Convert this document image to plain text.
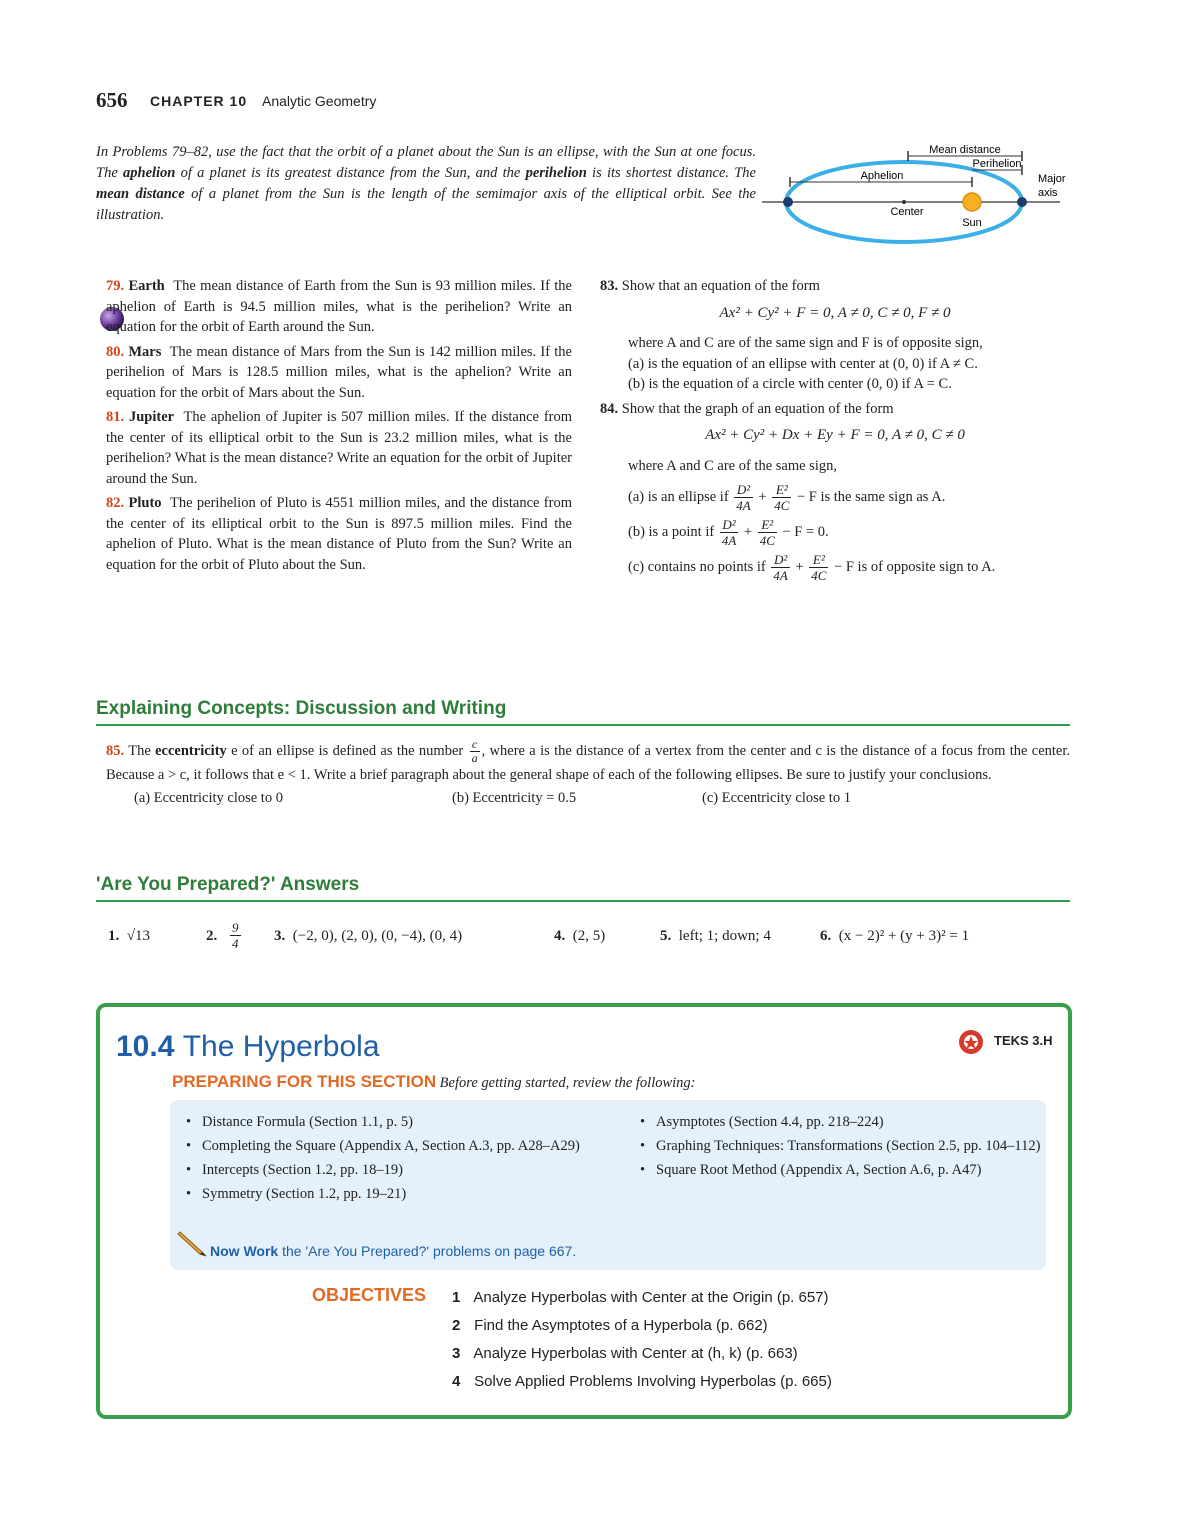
656 CHAPTER 10 Analytic Geometry
In Problems 79–82, use the fact that the orbit of a planet about the Sun is an ellipse, with the Sun at one focus. The aphelion of a planet is its greatest distance from the Sun, and the perihelion is its shortest distance. The mean distance of a planet from the Sun is the length of the semimajor axis of the elliptical orbit. See the illustration.
Mean distance
Aphelion
Perihelion
Center
Sun
Major
axis
79. Earth The mean distance of Earth from the Sun is 93 million miles. If the aphelion of Earth is 94.5 million miles, what is the perihelion? Write an equation for the orbit of Earth around the Sun.
80. Mars The mean distance of Mars from the Sun is 142 million miles. If the perihelion of Mars is 128.5 million miles, what is the aphelion? Write an equation for the orbit of Mars about the Sun.
81. Jupiter The aphelion of Jupiter is 507 million miles. If the distance from the center of its elliptical orbit to the Sun is 23.2 million miles, what is the perihelion? What is the mean distance? Write an equation for the orbit of Jupiter around the Sun.
82. Pluto The perihelion of Pluto is 4551 million miles, and the distance from the center of its elliptical orbit to the Sun is 897.5 million miles. Find the aphelion of Pluto. What is the mean distance of Pluto from the Sun? Write an equation for the orbit of Pluto about the Sun.
83. Show that an equation of the form
Ax² + Cy² + F = 0, A ≠ 0, C ≠ 0, F ≠ 0
where A and C are of the same sign and F is of opposite sign,
(a) is the equation of an ellipse with center at (0, 0) if A ≠ C.
(b) is the equation of a circle with center (0, 0) if A = C.
84. Show that the graph of an equation of the form
Ax² + Cy² + Dx + Ey + F = 0, A ≠ 0, C ≠ 0
where A and C are of the same sign,
(a) is an ellipse if $\frac{\text{D²}}{4A} + \frac{\text{E²}}{4C} - F$ is the same sign as A.
(b) is a point if $\frac{\text{D²}}{4A} + \frac{\text{E²}}{4C} - F = 0$.
(c) contains no points if $\frac{\text{D²}}{4A} + \frac{\text{E²}}{4C} - F$ is of opposite sign to A.
Explaining Concepts: Discussion and Writing
85. The eccentricity e of an ellipse is defined as the number $\frac{c}{a}$ , where a is the distance of a vertex from the center and c is the distance of a focus from the center. Because a > c, it follows that e < 1. Write a brief paragraph about the general shape of each of the following ellipses. Be sure to justify your conclusions.
(a) Eccentricity close to 0	(b) Eccentricity = 0.5	(c) Eccentricity close to 1
'Are You Prepared?' Answers
1. √13	2. $\frac{9}{4} 3$. (−2, 0), (2, 0), (0, −4), (0, 4)	4. (2, 5)	5. left; 1; down; 4	6. (x − 2)² + (y + 3)² = 1
10.4 The Hyperbola	TEKS 3.H
PREPARING FOR THIS SECTION Before getting started, review the following:
• Distance Formula (Section 1.1, p. 5)
• Completing the Square (Appendix A, Section A.3, pp. A28–A29)
• Intercepts (Section 1.2, pp. 18–19)
• Symmetry (Section 1.2, pp. 19–21)
• Asymptotes (Section 4.4, pp. 218–224)
• Graphing Techniques: Transformations (Section 2.5, pp. 104–112)
• Square Root Method (Appendix A, Section A.6, p. A47)
Now Work the 'Are You Prepared?' problems on page 667.
OBJECTIVES 1 Analyze Hyperbolas with Center at the Origin (p. 657)
2 Find the Asymptotes of a Hyperbola (p. 662)
3 Analyze Hyperbolas with Center at (h, k) (p. 663)
4 Solve Applied Problems Involving Hyperbolas (p. 665)
